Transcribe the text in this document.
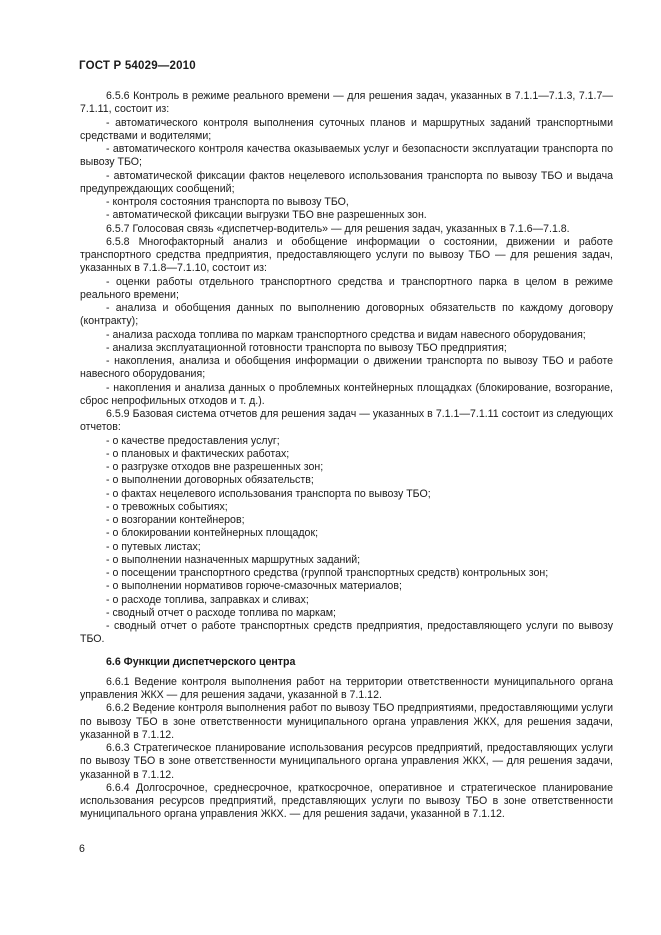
ГОСТ Р 54029—2010

6.5.6 Контроль в режиме реального времени — для решения задач, указанных в 7.1.1—7.1.3, 7.1.7—7.1.11, состоит из:

- автоматического контроля выполнения суточных планов и маршрутных заданий транспортными средствами и водителями;

- автоматического контроля качества оказываемых услуг и безопасности эксплуатации транспорта по вывозу ТБО;

- автоматической фиксации фактов нецелевого использования транспорта по вывозу ТБО и выдача предупреждающих сообщений;

- контроля состояния транспорта по вывозу ТБО,

- автоматической фиксации выгрузки ТБО вне разрешенных зон.

6.5.7 Голосовая связь «диспетчер-водитель» — для решения задач, указанных в 7.1.6—7.1.8.

6.5.8 Многофакторный анализ и обобщение информации о состоянии, движении и работе транспортного средства предприятия, предоставляющего услуги по вывозу ТБО — для решения задач, указанных в 7.1.8—7.1.10, состоит из:

- оценки работы отдельного транспортного средства и транспортного парка в целом в режиме реального времени;

- анализа и обобщения данных по выполнению договорных обязательств по каждому договору (контракту);

- анализа расхода топлива по маркам транспортного средства и видам навесного оборудования;

- анализа эксплуатационной готовности транспорта по вывозу ТБО предприятия;

- накопления, анализа и обобщения информации о движении транспорта по вывозу ТБО и работе навесного оборудования;

- накопления и анализа данных о проблемных контейнерных площадках (блокирование, возгорание, сброс непрофильных отходов и т. д.).

6.5.9 Базовая система отчетов для решения задач — указанных в 7.1.1—7.1.11 состоит из следующих отчетов:

- о качестве предоставления услуг;

- о плановых и фактических работах;

- о разгрузке отходов вне разрешенных зон;

- о выполнении договорных обязательств;

- о фактах нецелевого использования транспорта по вывозу ТБО;

- о тревожных событиях;

- о возгорании контейнеров;

- о блокировании контейнерных площадок;

- о путевых листах;

- о выполнении назначенных маршрутных заданий;

- о посещении транспортного средства (группой транспортных средств) контрольных зон;

- о выполнении нормативов горюче-смазочных материалов;

- о расходе топлива, заправках и сливах;

- сводный отчет о расходе топлива по маркам;

- сводный отчет о работе транспортных средств предприятия, предоставляющего услуги по вывозу ТБО.

6.6 Функции диспетчерского центра

6.6.1 Ведение контроля выполнения работ на территории ответственности муниципального органа управления ЖКХ — для решения задачи, указанной в 7.1.12.

6.6.2 Ведение контроля выполнения работ по вывозу ТБО предприятиями, предоставляющими услуги по вывозу ТБО в зоне ответственности муниципального органа управления ЖКХ, для решения задачи, указанной в 7.1.12.

6.6.3 Стратегическое планирование использования ресурсов предприятий, предоставляющих услуги по вывозу ТБО в зоне ответственности муниципального органа управления ЖКХ, — для решения задачи, указанной в 7.1.12.

6.6.4 Долгосрочное, среднесрочное, краткосрочное, оперативное и стратегическое планирование использования ресурсов предприятий, представляющих услуги по вывозу ТБО в зоне ответственности муниципального органа управления ЖКХ. — для решения задачи, указанной в 7.1.12.

6
